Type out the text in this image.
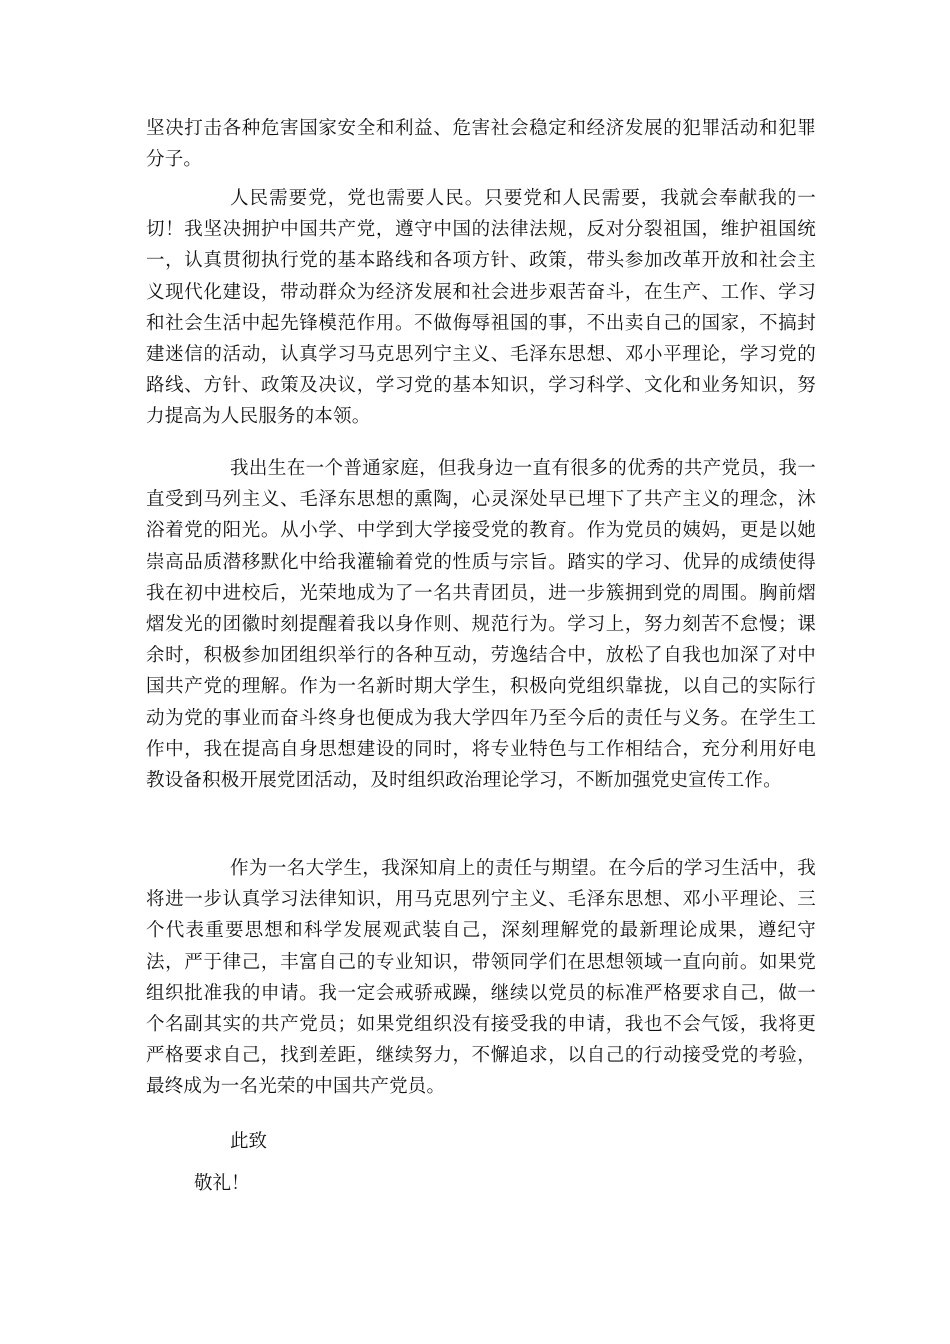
坚决打击各种危害国家安全和利益、危害社会稳定和经济发展的犯罪活动和犯罪分子。

人民需要党，党也需要人民。只要党和人民需要，我就会奉献我的一切！我坚决拥护中国共产党，遵守中国的法律法规，反对分裂祖国，维护祖国统一，认真贯彻执行党的基本路线和各项方针、政策，带头参加改革开放和社会主义现代化建设，带动群众为经济发展和社会进步艰苦奋斗，在生产、工作、学习和社会生活中起先锋模范作用。不做侮辱祖国的事，不出卖自己的国家，不搞封建迷信的活动，认真学习马克思列宁主义、毛泽东思想、邓小平理论，学习党的路线、方针、政策及决议，学习党的基本知识，学习科学、文化和业务知识，努力提高为人民服务的本领。

我出生在一个普通家庭，但我身边一直有很多的优秀的共产党员，我一直受到马列主义、毛泽东思想的熏陶，心灵深处早已埋下了共产主义的理念，沐浴着党的阳光。从小学、中学到大学接受党的教育。作为党员的姨妈，更是以她崇高品质潜移默化中给我灌输着党的性质与宗旨。踏实的学习、优异的成绩使得我在初中进校后，光荣地成为了一名共青团员，进一步簇拥到党的周围。胸前熠熠发光的团徽时刻提醒着我以身作则、规范行为。学习上，努力刻苦不怠慢；课余时，积极参加团组织举行的各种互动，劳逸结合中，放松了自我也加深了对中国共产党的理解。作为一名新时期大学生，积极向党组织靠拢，以自己的实际行动为党的事业而奋斗终身也便成为我大学四年乃至今后的责任与义务。在学生工作中，我在提高自身思想建设的同时，将专业特色与工作相结合，充分利用好电教设备积极开展党团活动，及时组织政治理论学习，不断加强党史宣传工作。

作为一名大学生，我深知肩上的责任与期望。在今后的学习生活中，我将进一步认真学习法律知识，用马克思列宁主义、毛泽东思想、邓小平理论、三个代表重要思想和科学发展观武装自己，深刻理解党的最新理论成果，遵纪守法，严于律己，丰富自己的专业知识，带领同学们在思想领域一直向前。如果党组织批准我的申请。我一定会戒骄戒躁，继续以党员的标准严格要求自己，做一个名副其实的共产党员；如果党组织没有接受我的申请，我也不会气馁，我将更严格要求自己，找到差距，继续努力，不懈追求，以自己的行动接受党的考验，最终成为一名光荣的中国共产党员。

此致

敬礼！
